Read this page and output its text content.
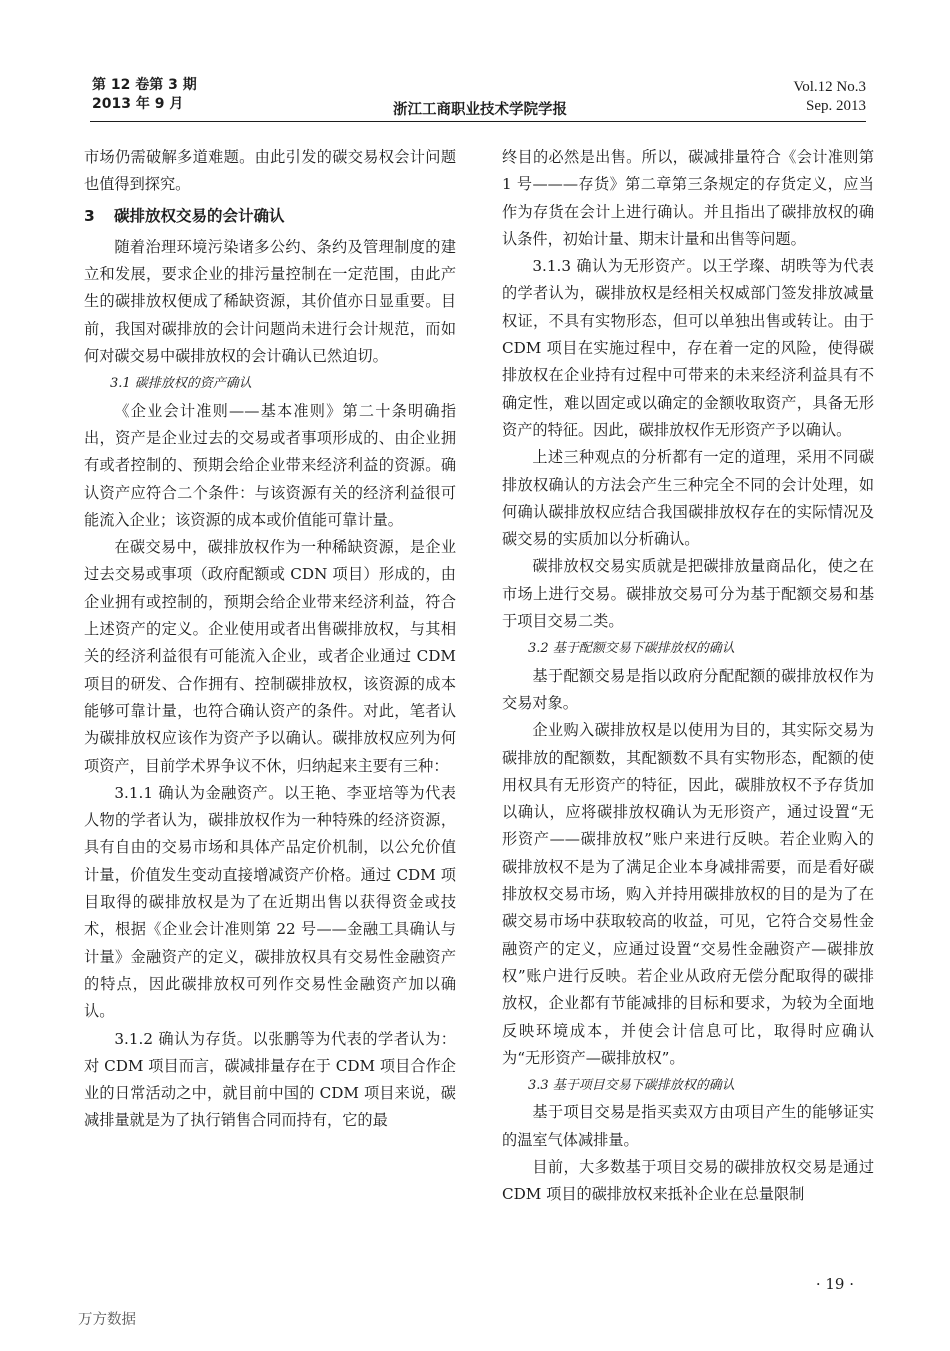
第 12 卷第 3 期
2013 年 9 月	浙江工商职业技术学院学报
Vol.12 No.3
Sep. 2013

市场仍需破解多道难题。由此引发的碳交易权会计问题也值得到探究。

3 碳排放权交易的会计确认

随着治理环境污染诸多公约、条约及管理制度的建立和发展，要求企业的排污量控制在一定范围，由此产生的碳排放权便成了稀缺资源，其价值亦日显重要。目前，我国对碳排放的会计问题尚未进行会计规范，而如何对碳交易中碳排放权的会计确认已然迫切。

3.1 碳排放权的资产确认

《企业会计准则——基本准则》第二十条明确指出，资产是企业过去的交易或者事项形成的、由企业拥有或者控制的、预期会给企业带来经济利益的资源。确认资产应符合二个条件：与该资源有关的经济利益很可能流入企业；该资源的成本或价值能可靠计量。

在碳交易中，碳排放权作为一种稀缺资源，是企业过去交易或事项（政府配额或 CDN 项目）形成的，由企业拥有或控制的，预期会给企业带来经济利益，符合上述资产的定义。企业使用或者出售碳排放权，与其相关的经济利益很有可能流入企业，或者企业通过 CDM 项目的研发、合作拥有、控制碳排放权，该资源的成本能够可靠计量，也符合确认资产的条件。对此，笔者认为碳排放权应该作为资产予以确认。碳排放权应列为何项资产，目前学术界争议不休，归纳起来主要有三种：

3.1.1 确认为金融资产。以王艳、李亚培等为代表人物的学者认为，碳排放权作为一种特殊的经济资源，具有自由的交易市场和具体产品定价机制，以公允价值计量，价值发生变动直接增减资产价格。通过 CDM 项目取得的碳排放权是为了在近期出售以获得资金或技术，根据《企业会计准则第 22 号——金融工具确认与计量》金融资产的定义，碳排放权具有交易性金融资产的特点，因此碳排放权可列作交易性金融资产加以确认。

3.1.2 确认为存货。以张鹏等为代表的学者认为：对 CDM 项目而言，碳减排量存在于 CDM 项目合作企业的日常活动之中，就目前中国的 CDM 项目来说，碳减排量就是为了执行销售合同而持有，它的最

终目的必然是出售。所以，碳减排量符合《会计准则第 1 号———存货》第二章第三条规定的存货定义，应当作为存货在会计上进行确认。并且指出了碳排放权的确认条件，初始计量、期末计量和出售等问题。

3.1.3 确认为无形资产。以王学璨、胡昳等为代表的学者认为，碳排放权是经相关权威部门签发排放减量权证，不具有实物形态，但可以单独出售或转让。由于 CDM 项目在实施过程中，存在着一定的风险，使得碳排放权在企业持有过程中可带来的未来经济利益具有不确定性，难以固定或以确定的金额收取资产，具备无形资产的特征。因此，碳排放权作无形资产予以确认。

上述三种观点的分析都有一定的道理，采用不同碳排放权确认的方法会产生三种完全不同的会计处理，如何确认碳排放权应结合我国碳排放权存在的实际情况及碳交易的实质加以分析确认。

碳排放权交易实质就是把碳排放量商品化，使之在市场上进行交易。碳排放交易可分为基于配额交易和基于项目交易二类。

3.2 基于配额交易下碳排放权的确认

基于配额交易是指以政府分配配额的碳排放权作为交易对象。

企业购入碳排放权是以使用为目的，其实际交易为碳排放的配额数，其配额数不具有实物形态，配额的使用权具有无形资产的特征，因此，碳腓放权不予存货加以确认，应将碳排放权确认为无形资产，通过设置“无形资产——碳排放权”账户来进行反映。若企业购入的碳排放权不是为了满足企业本身减排需要，而是看好碳排放权交易市场，购入并持用碳排放权的目的是为了在碳交易市场中获取较高的收益，可见，它符合交易性金融资产的定义，应通过设置“交易性金融资产—碳排放权”账户进行反映。若企业从政府无偿分配取得的碳排放权，企业都有节能减排的目标和要求，为较为全面地反映环境成本，并使会计信息可比，取得时应确认为“无形资产—碳排放权”。

3.3 基于项目交易下碳排放权的确认

基于项目交易是指买卖双方由项目产生的能够证实的温室气体减排量。

目前，大多数基于项目交易的碳排放权交易是通过 CDM 项目的碳排放权来抵补企业在总量限制

· 19 ·
万方数据
